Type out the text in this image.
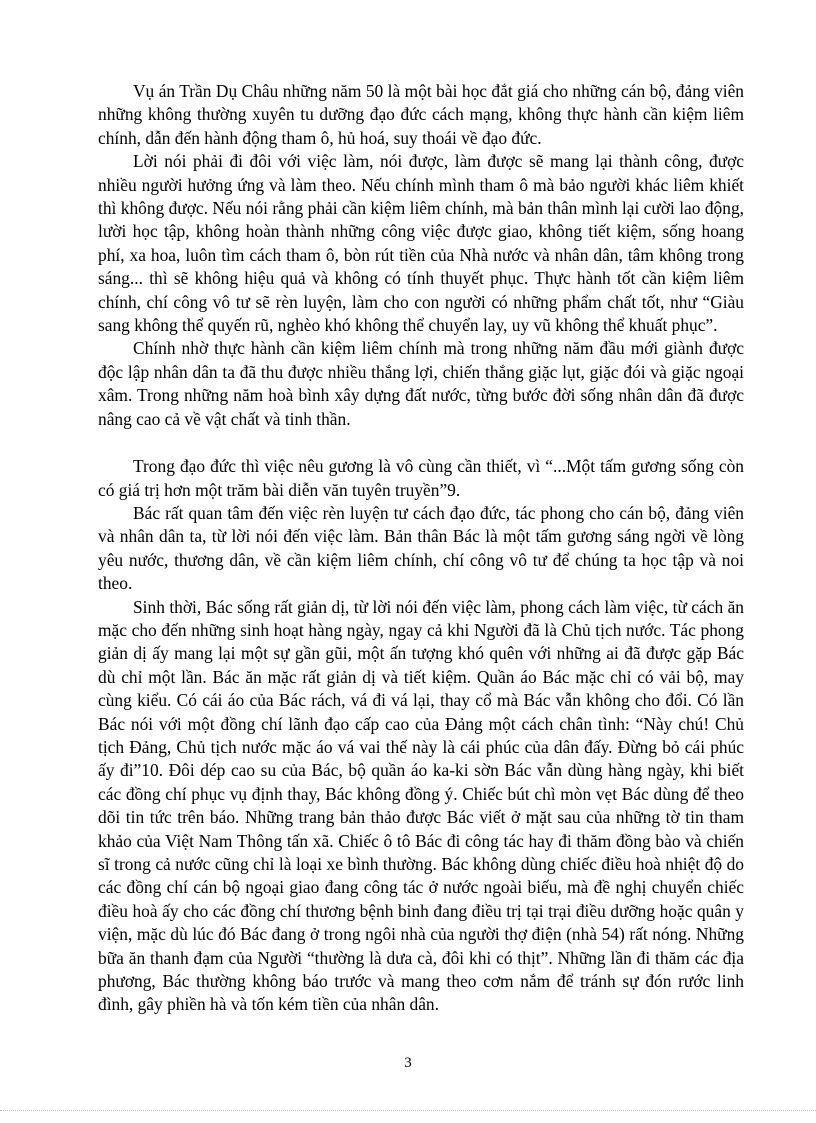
Vụ án Trần Dụ Châu những năm 50 là một bài học đắt giá cho những cán bộ, đảng viên những không thường xuyên tu dưỡng đạo đức cách mạng, không thực hành cần kiệm liêm chính, dẫn đến hành động tham ô, hủ hoá, suy thoái về đạo đức.

Lời nói phải đi đôi với việc làm, nói được, làm được sẽ mang lại thành công, được nhiều người hưởng ứng và làm theo. Nếu chính mình tham ô mà bảo người khác liêm khiết thì không được. Nếu nói rằng phải cần kiệm liêm chính, mà bản thân mình lại cười lao động, lười học tập, không hoàn thành những công việc được giao, không tiết kiệm, sống hoang phí, xa hoa, luôn tìm cách tham ô, bòn rút tiền của Nhà nước và nhân dân, tâm không trong sáng... thì sẽ không hiệu quả và không có tính thuyết phục. Thực hành tốt cần kiệm liêm chính, chí công vô tư sẽ rèn luyện, làm cho con người có những phẩm chất tốt, như “Giàu sang không thể quyến rũ, nghèo khó không thể chuyển lay, uy vũ không thể khuất phục”.

Chính nhờ thực hành cần kiệm liêm chính mà trong những năm đầu mới giành được độc lập nhân dân ta đã thu được nhiều thắng lợi, chiến thắng giặc lụt, giặc đói và giặc ngoại xâm. Trong những năm hoà bình xây dựng đất nước, từng bước đời sống nhân dân đã được nâng cao cả về vật chất và tinh thần.

Trong đạo đức thì việc nêu gương là vô cùng cần thiết, vì “...Một tấm gương sống còn có giá trị hơn một trăm bài diễn văn tuyên truyền”9.

Bác rất quan tâm đến việc rèn luyện tư cách đạo đức, tác phong cho cán bộ, đảng viên và nhân dân ta, từ lời nói đến việc làm. Bản thân Bác là một tấm gương sáng ngời về lòng yêu nước, thương dân, về cần kiệm liêm chính, chí công vô tư để chúng ta học tập và noi theo.

Sinh thời, Bác sống rất giản dị, từ lời nói đến việc làm, phong cách làm việc, từ cách ăn mặc cho đến những sinh hoạt hàng ngày, ngay cả khi Người đã là Chủ tịch nước. Tác phong giản dị ấy mang lại một sự gần gũi, một ấn tượng khó quên với những ai đã được gặp Bác dù chỉ một lần. Bác ăn mặc rất giản dị và tiết kiệm. Quần áo Bác mặc chỉ có vải bộ, may cùng kiểu. Có cái áo của Bác rách, vá đi vá lại, thay cổ mà Bác vẫn không cho đổi. Có lần Bác nói với một đồng chí lãnh đạo cấp cao của Đảng một cách chân tình: “Này chú! Chủ tịch Đảng, Chủ tịch nước mặc áo vá vai thế này là cái phúc của dân đấy. Đừng bỏ cái phúc ấy đi”10. Đôi dép cao su của Bác, bộ quần áo ka-ki sờn Bác vẫn dùng hàng ngày, khi biết các đồng chí phục vụ định thay, Bác không đồng ý. Chiếc bút chì mòn vẹt Bác dùng để theo dõi tin tức trên báo. Những trang bản thảo được Bác viết ở mặt sau của những tờ tin tham khảo của Việt Nam Thông tấn xã. Chiếc ô tô Bác đi công tác hay đi thăm đồng bào và chiến sĩ trong cả nước cũng chỉ là loại xe bình thường. Bác không dùng chiếc điều hoà nhiệt độ do các đồng chí cán bộ ngoại giao đang công tác ở nước ngoài biếu, mà đề nghị chuyển chiếc điều hoà ấy cho các đồng chí thương bệnh binh đang điều trị tại trại điều dưỡng hoặc quân y viện, mặc dù lúc đó Bác đang ở trong ngôi nhà của người thợ điện (nhà 54) rất nóng. Những bữa ăn thanh đạm của Người “thường là dưa cà, đôi khi có thịt”. Những lần đi thăm các địa phương, Bác thường không báo trước và mang theo cơm nắm để tránh sự đón rước linh đình, gây phiền hà và tốn kém tiền của nhân dân.

3
